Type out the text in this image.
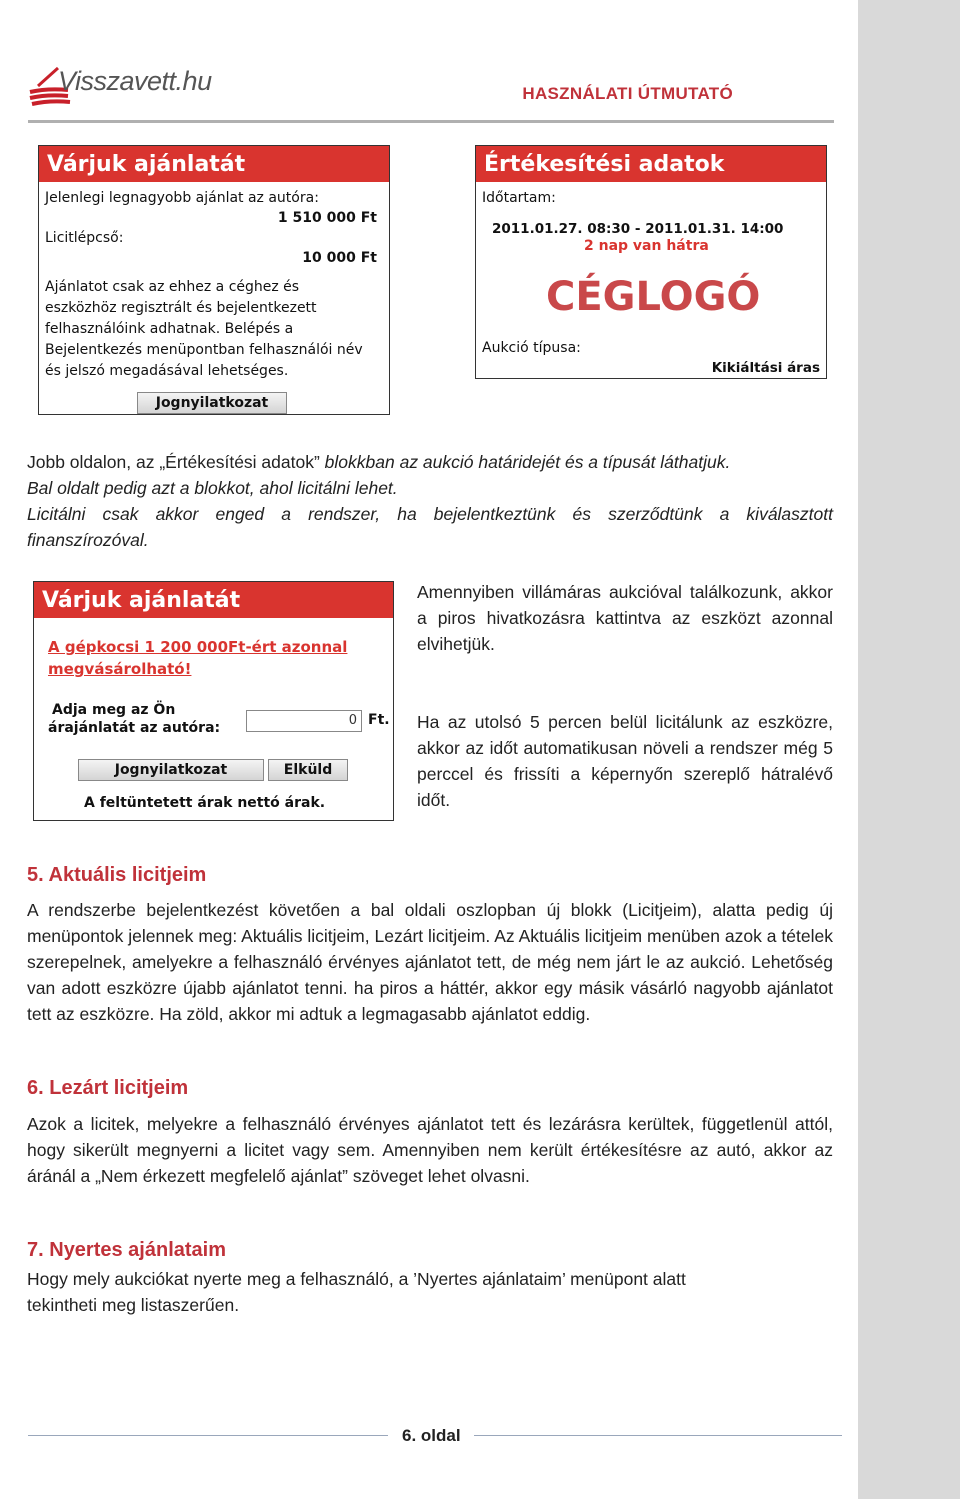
Visszavett.hu	HASZNÁLATI ÚTMUTATÓ
Várjuk ajánlatát
Jelenlegi legnagyobb ajánlat az autóra:
1 510 000 Ft
Licitlépcső:
10 000 Ft
Ajánlatot csak az ehhez a céghez és
eszközhöz regisztrált és bejelentkezett
felhasználóink adhatnak. Belépés a
Bejelentkezés menüpontban felhasználói név
és jelszó megadásával lehetséges.
Jognyilatkozat
Értékesítési adatok
Időtartam:
2011.01.27. 08:30 - 2011.01.31. 14:00
2 nap van hátra
CÉGLOGÓ
Aukció típusa:
Kikiáltási áras
Jobb oldalon, az „Értékesítési adatok” blokkban az aukció határidejét és a típusát láthatjuk.
Bal oldalt pedig azt a blokkot, ahol licitálni lehet.
Licitálni csak akkor enged a rendszer, ha bejelentkeztünk és szerződtünk a kiválasztott
finanszírozóval.
Várjuk ajánlatát
A gépkocsi 1 200 000Ft-ért azonnal
megvásárolható!
Adja meg az Ön
árajánlatát az autóra:	0 Ft.
Jognyilatkozat	Elküld
A feltüntetett árak nettó árak.
Amennyiben villámáras aukcióval találkozunk, akkor a piros hivatkozásra kattintva az eszközt azonnal elvihetjük.
Ha az utolsó 5 percen belül licitálunk az eszközre, akkor az időt automatikusan növeli a rendszer még 5 perccel és frissíti a képernyőn szereplő hátralévő időt.
5. Aktuális licitjeim
A rendszerbe bejelentkezést követően a bal oldali oszlopban új blokk (Licitjeim), alatta pedig új menüpontok jelennek meg: Aktuális licitjeim, Lezárt licitjeim. Az Aktuális licitjeim menüben azok a tételek szerepelnek, amelyekre a felhasználó érvényes ajánlatot tett, de még nem járt le az aukció. Lehetőség van adott eszközre újabb ajánlatot tenni. ha piros a háttér, akkor egy másik vásárló nagyobb ajánlatot tett az eszközre. Ha zöld, akkor mi adtuk a legmagasabb ajánlatot eddig.
6. Lezárt licitjeim
Azok a licitek, melyekre a felhasználó érvényes ajánlatot tett és lezárásra kerültek, függetlenül attól, hogy sikerült megnyerni a licitet vagy sem. Amennyiben nem került értékesítésre az autó, akkor az áránál a „Nem érkezett megfelelő ajánlat” szöveget lehet olvasni.
7. Nyertes ajánlataim
Hogy mely aukciókat nyerte meg a felhasználó, a ’Nyertes ajánlataim’ menüpont alatt
tekintheti meg listaszerűen.
6. oldal
